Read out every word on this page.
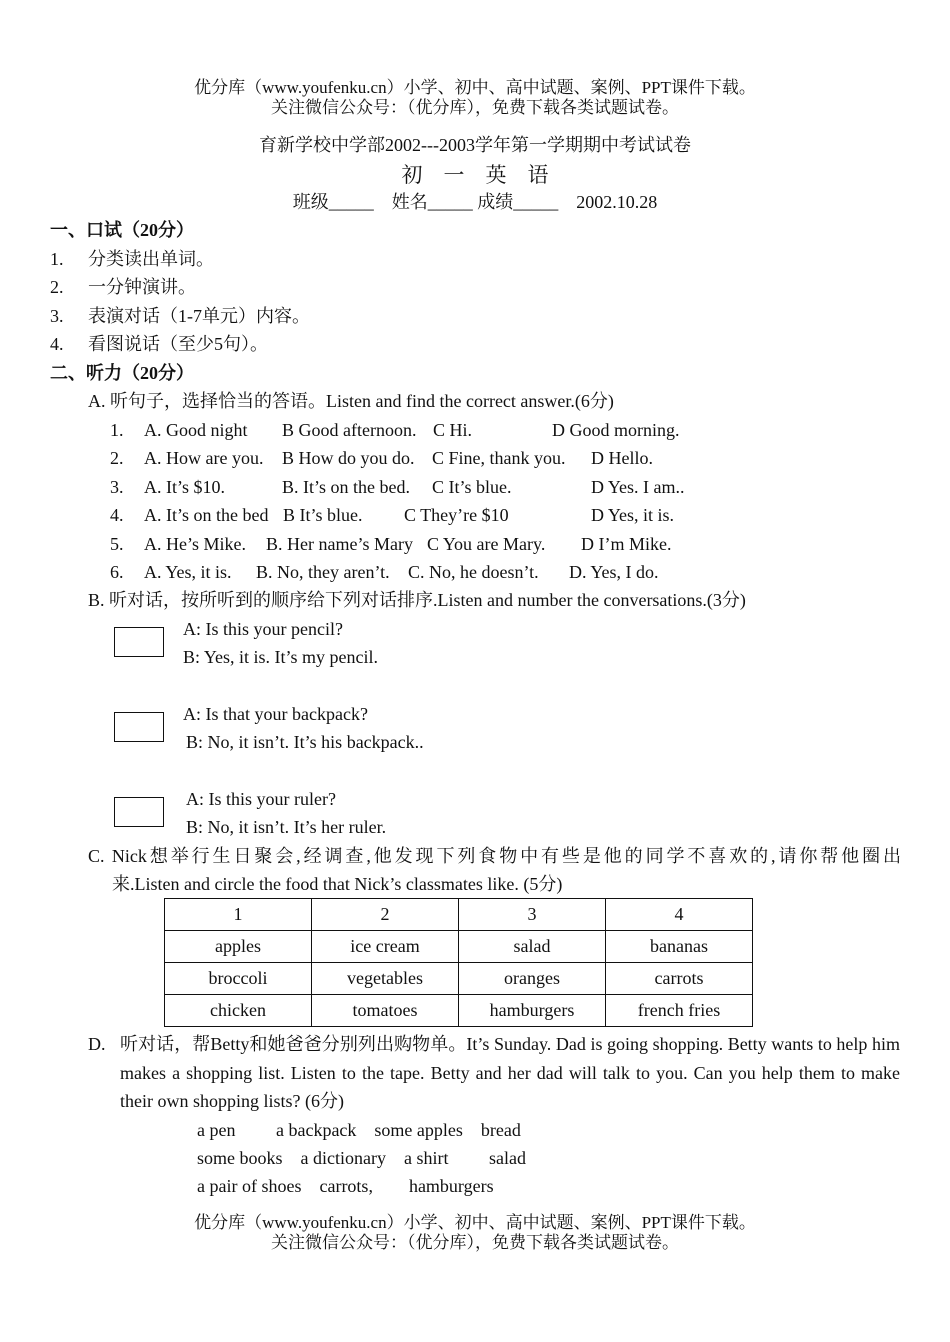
优分库（www.youfenku.cn）小学、初中、高中试题、案例、PPT课件下载。
关注微信公众号：（优分库），免费下载各类试题试卷。
育新学校中学部2002---2003学年第一学期期中考试试卷
初　一　英　语
班级_____　姓名_____ 成绩_____　2002.10.28
一、口试（20分）
1. 分类读出单词。
2. 一分钟演讲。
3. 表演对话（1-7单元）内容。
4. 看图说话（至少5句）。
二、听力（20分）
A. 听句子，选择恰当的答语。Listen and find the correct answer.(6分)
1. A. Good night B Good afternoon. C Hi.	D Good morning.
2. A. How are you. B How do you do. C Fine, thank you. D Hello.
3. A. It’s $10.	B. It’s on the bed. C It’s blue.	D Yes. I am..
4. A. It’s on the bed B It’s blue. C They’re $10	D Yes, it is.
5. A. He’s Mike. B. Her name’s Mary C You are Mary. D I’m Mike.
6. A. Yes, it is. B. No, they aren’t. C. No, he doesn’t. D. Yes, I do.
B. 听对话，按所听到的顺序给下列对话排序.Listen and number the conversations.(3分)
A: Is this your pencil?
B: Yes, it is. It’s my pencil.
A: Is that your backpack?
B: No, it isn’t. It’s his backpack..
A: Is this your ruler?
B: No, it isn’t. It’s her ruler.
C. Nick想举行生日聚会,经调查,他发现下列食物中有些是他的同学不喜欢的,请你帮他圈出
来.Listen and circle the food that Nick’s classmates like. (5分)
1	2	3	4
apples	ice cream	salad	bananas
broccoli	vegetables	oranges	carrots
chicken	tomatoes	hamburgers	french fries
D. 听对话，帮Betty和她爸爸分别列出购物单。It’s Sunday. Dad is going shopping. Betty wants to help him makes a shopping list. Listen to the tape. Betty and her dad will talk to you. Can you help them to make their own shopping lists? (6分)
a pen　　 a backpack　some apples　bread
some books　a dictionary　a shirt　　 salad
a pair of shoes　carrots,　　hamburgers
优分库（www.youfenku.cn）小学、初中、高中试题、案例、PPT课件下载。
关注微信公众号：（优分库），免费下载各类试题试卷。
